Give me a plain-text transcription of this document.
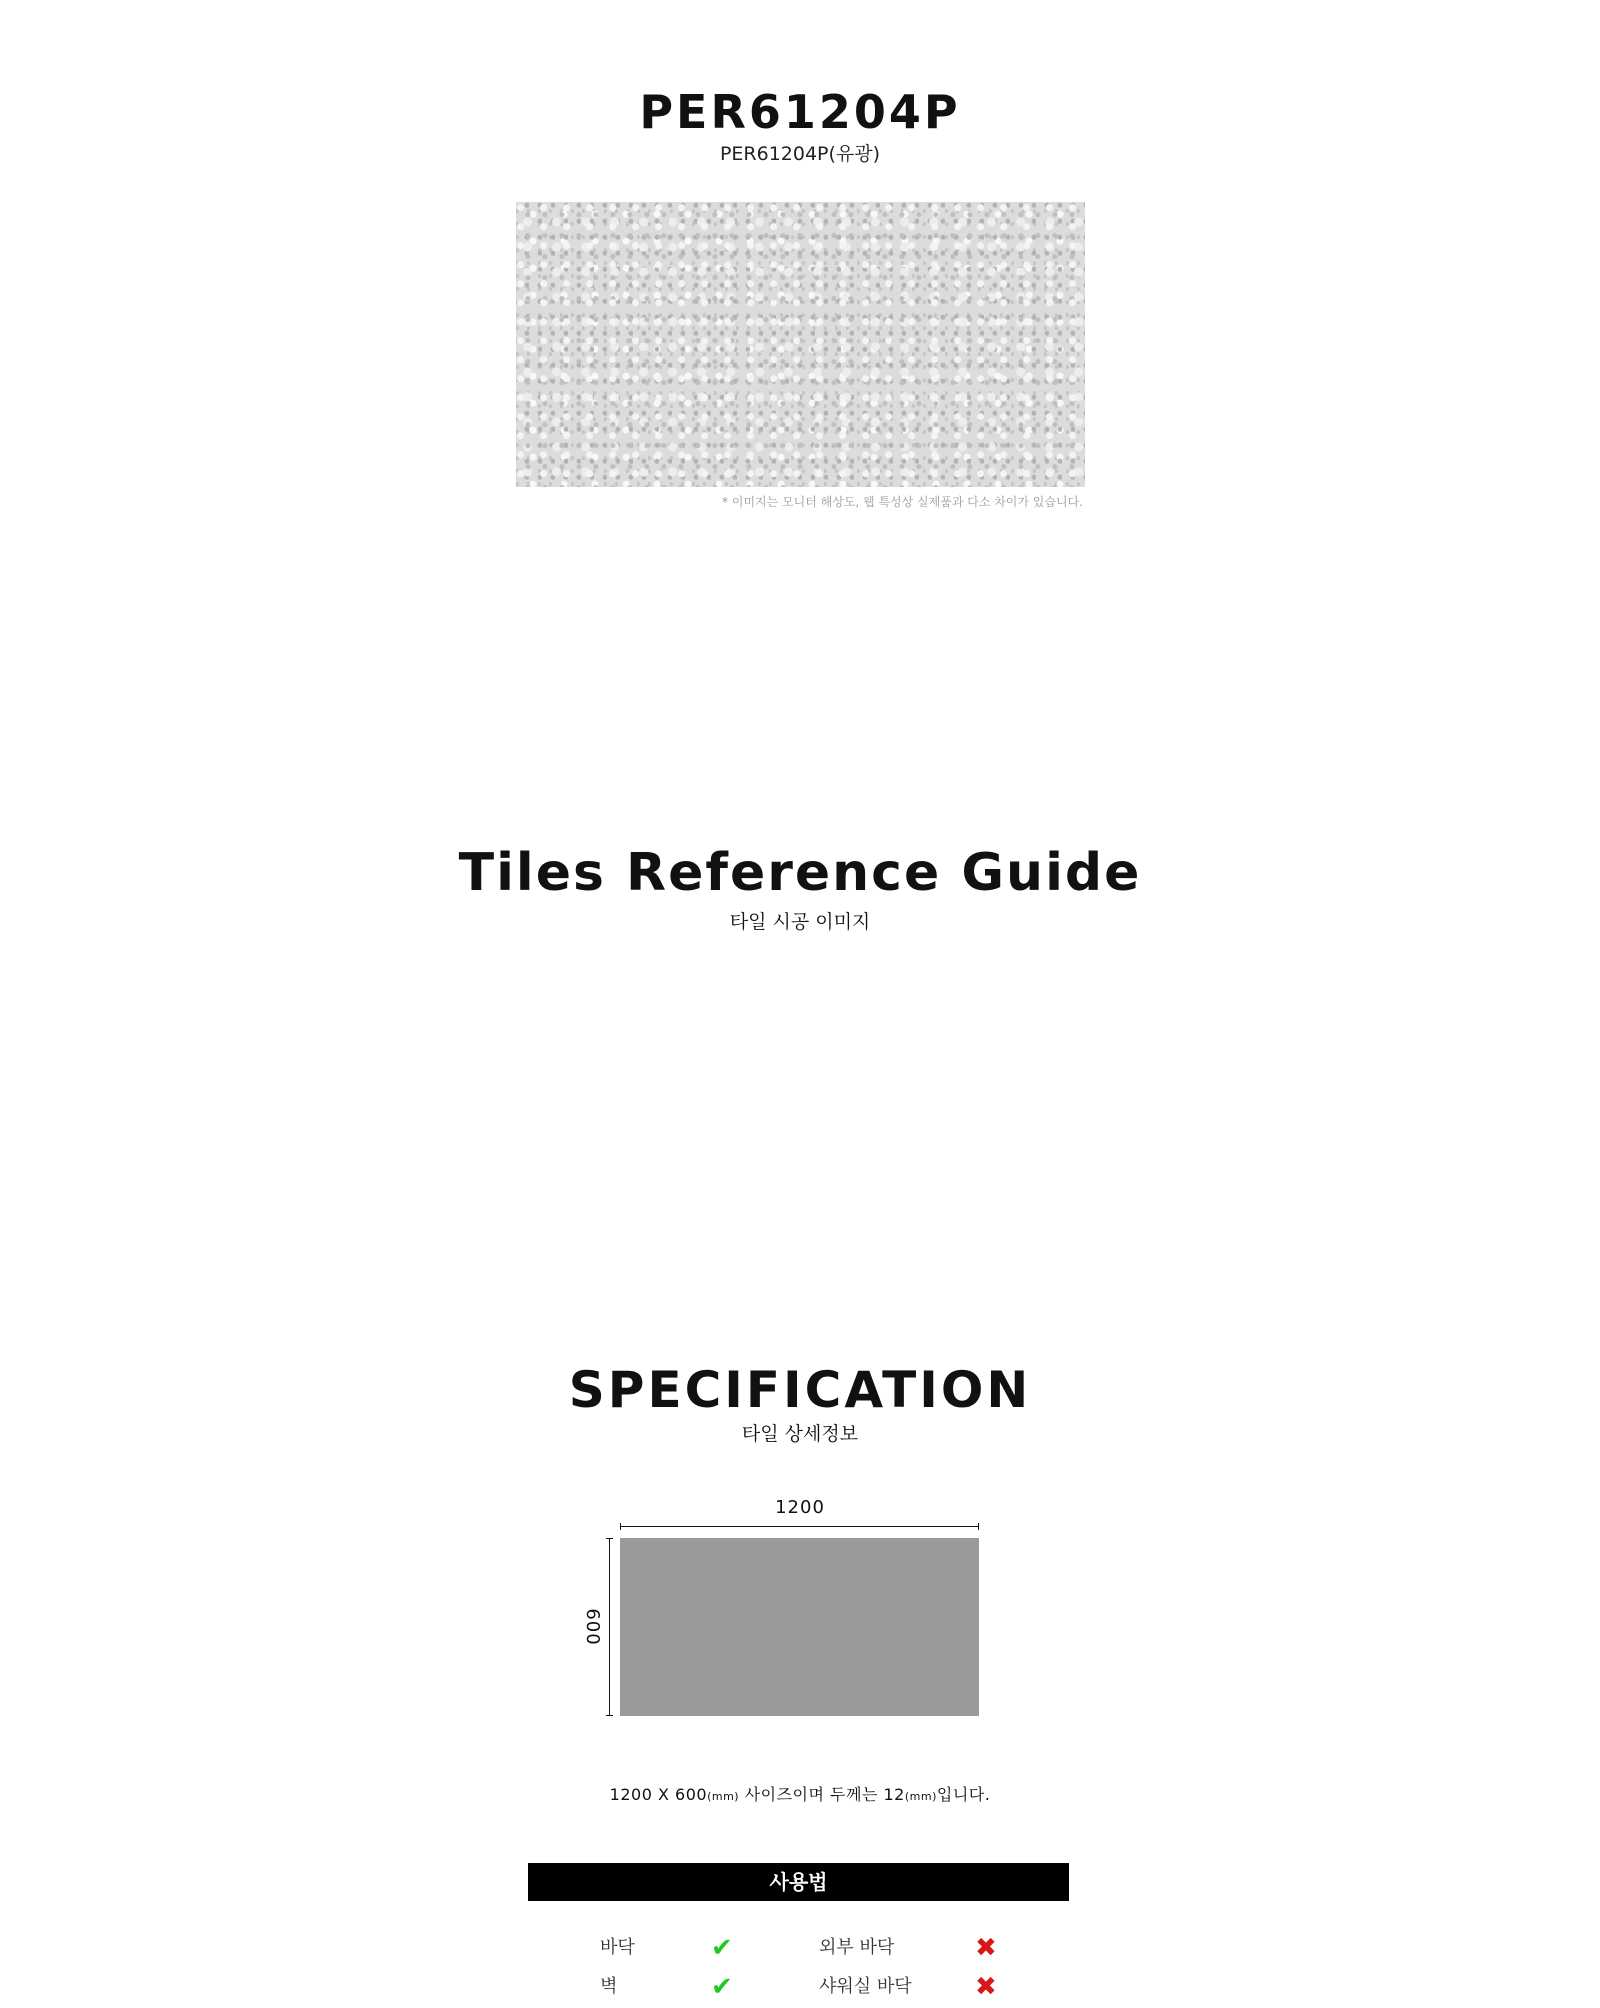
PER61204P
PER61204P(유광)
* 이미지는 모니터 해상도, 웹 특성상 실제품과 다소 차이가 있습니다.
Tiles Reference Guide
타일 시공 이미지
SPECIFICATION
타일 상세정보
1200
600
1200 X 600(mm) 사이즈이며 두께는 12(mm)입니다.
사용법
바닥	✔	외부 바닥	✖
벽	✔	샤워실 바닥 ✖
